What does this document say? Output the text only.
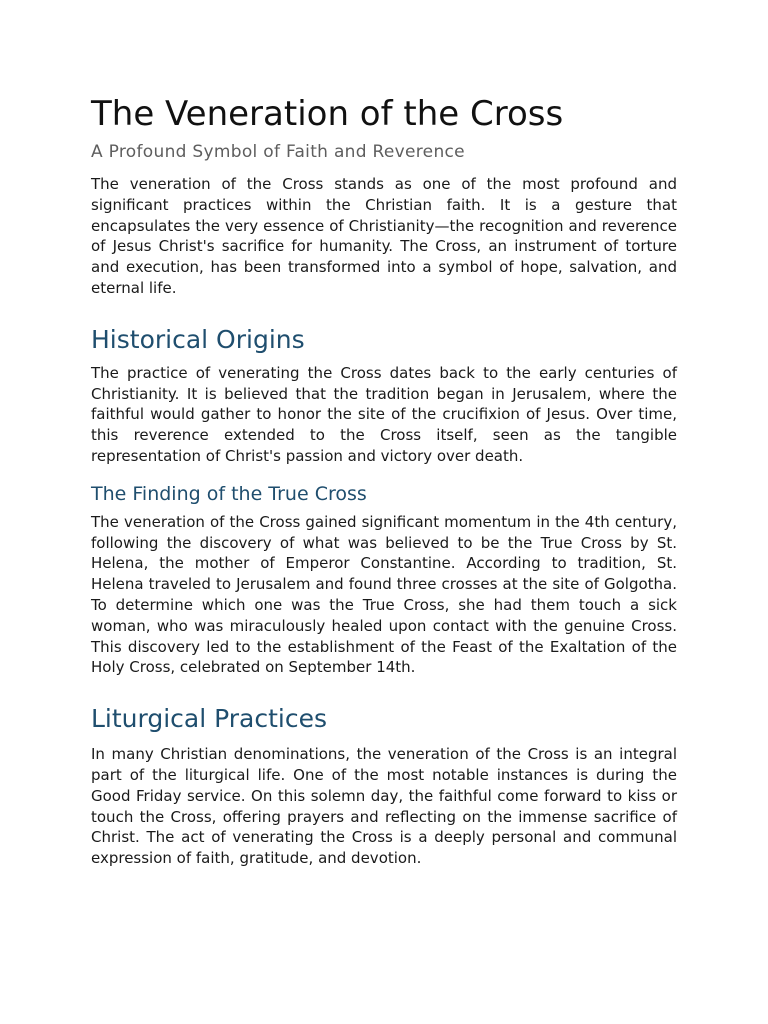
The Veneration of the Cross
A Profound Symbol of Faith and Reverence

The veneration of the Cross stands as one of the most profound and significant practices within the Christian faith. It is a gesture that encapsulates the very essence of Christianity—the recognition and reverence of Jesus Christ's sacrifice for humanity. The Cross, an instrument of torture and execution, has been transformed into a symbol of hope, salvation, and eternal life.

Historical Origins

The practice of venerating the Cross dates back to the early centuries of Christianity. It is believed that the tradition began in Jerusalem, where the faithful would gather to honor the site of the crucifixion of Jesus. Over time, this reverence extended to the Cross itself, seen as the tangible representation of Christ's passion and victory over death.

The Finding of the True Cross

The veneration of the Cross gained significant momentum in the 4th century, following the discovery of what was believed to be the True Cross by St. Helena, the mother of Emperor Constantine. According to tradition, St. Helena traveled to Jerusalem and found three crosses at the site of Golgotha. To determine which one was the True Cross, she had them touch a sick woman, who was miraculously healed upon contact with the genuine Cross. This discovery led to the establishment of the Feast of the Exaltation of the Holy Cross, celebrated on September 14th.

Liturgical Practices

In many Christian denominations, the veneration of the Cross is an integral part of the liturgical life. One of the most notable instances is during the Good Friday service. On this solemn day, the faithful come forward to kiss or touch the Cross, offering prayers and reflecting on the immense sacrifice of Christ. The act of venerating the Cross is a deeply personal and communal expression of faith, gratitude, and devotion.
